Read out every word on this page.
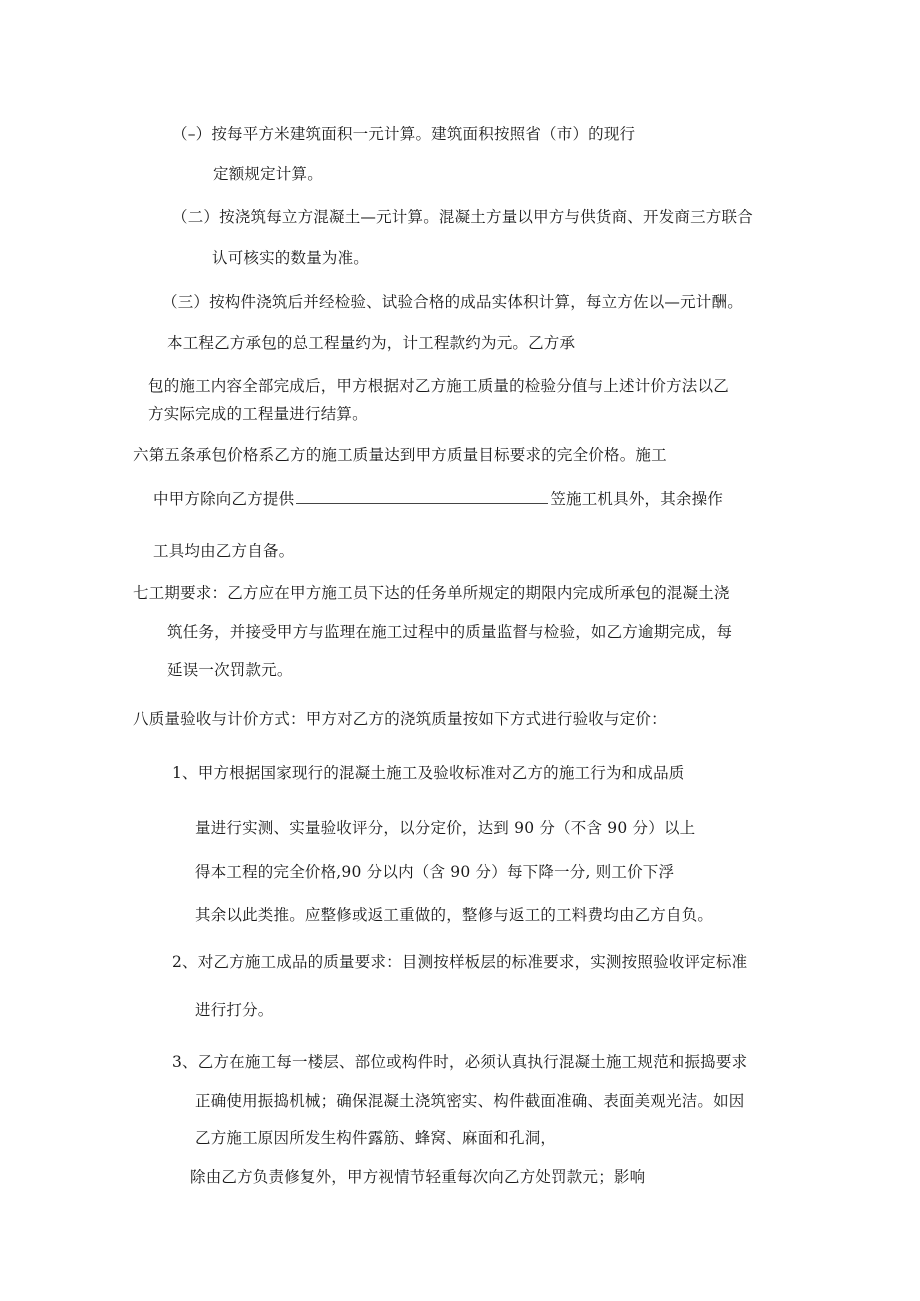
（–）按每平方米建筑面积一元计算。建筑面积按照省（市）的现行
定额规定计算。
（二）按浇筑每立方混凝土—元计算。混凝土方量以甲方与供货商、开发商三方联合
认可核实的数量为准。
（三）按构件浇筑后并经检验、试验合格的成品实体积计算，每立方佐以—元计酬。
本工程乙方承包的总工程量约为，计工程款约为元。乙方承
包的施工内容全部完成后，甲方根据对乙方施工质量的检验分值与上述计价方法以乙
方实际完成的工程量进行结算。
六第五条承包价格系乙方的施工质量达到甲方质量目标要求的完全价格。施工
中甲方除向乙方提供	笠施工机具外，其余操作
工具均由乙方自备。
七工期要求：乙方应在甲方施工员下达的任务单所规定的期限内完成所承包的混凝土浇
筑任务，并接受甲方与监理在施工过程中的质量监督与检验，如乙方逾期完成，每
延误一次罚款元。
八质量验收与计价方式：甲方对乙方的浇筑质量按如下方式进行验收与定价：
1、甲方根据国家现行的混凝土施工及验收标准对乙方的施工行为和成品质
量进行实测、实量验收评分，以分定价，达到 90 分（不含 90 分）以上
得本工程的完全价格,90 分以内（含 90 分）每下降一分, 则工价下浮
其余以此类推。应整修或返工重做的，整修与返工的工料费均由乙方自负。
2、对乙方施工成品的质量要求：目测按样板层的标准要求，实测按照验收评定标准
进行打分。
3、乙方在施工每一楼层、部位或构件时，必须认真执行混凝土施工规范和振捣要求
正确使用振捣机械；确保混凝土浇筑密实、构件截面准确、表面美观光洁。如因
乙方施工原因所发生构件露筋、蜂窝、麻面和孔洞，
除由乙方负责修复外，甲方视情节轻重每次向乙方处罚款元；影响
